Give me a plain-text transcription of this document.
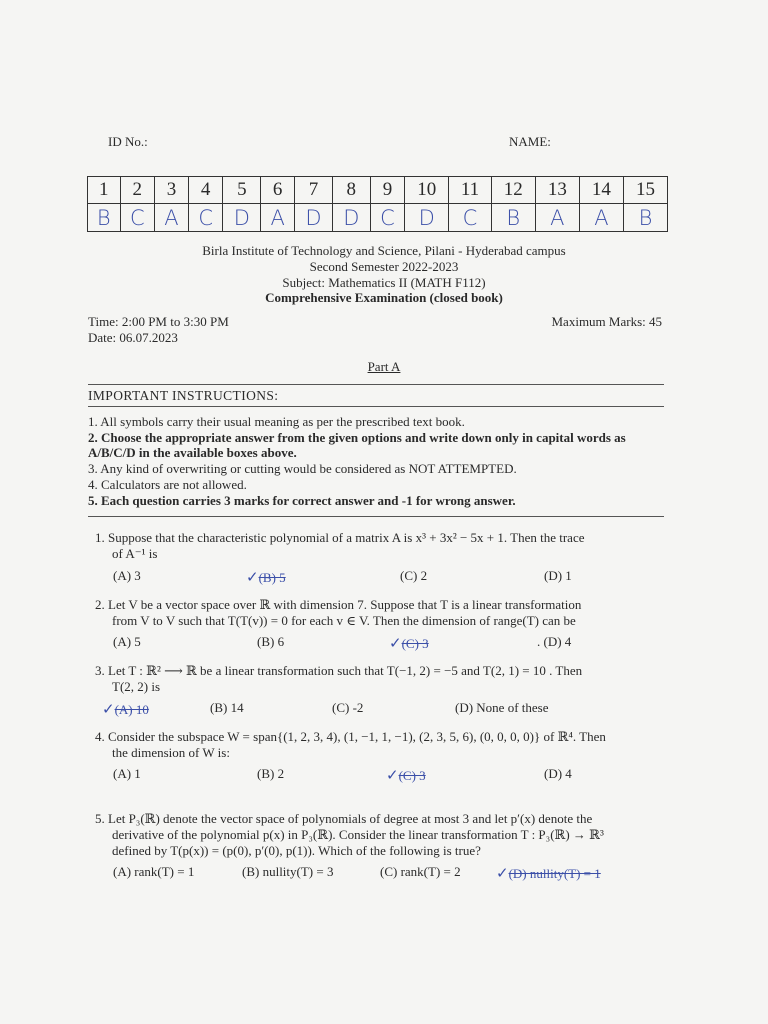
ID No.:	NAME:
1	2	3	4	5	6	7	8	9	10	11	12	13	14	15
B	C	A	C	D	A	D	D	C	D	C	B	A	A	B
Birla Institute of Technology and Science, Pilani - Hyderabad campus
Second Semester 2022-2023
Subject: Mathematics II (MATH F112)
Comprehensive Examination (closed book)
Time: 2:00 PM to 3:30 PM
Date: 06.07.2023
Maximum Marks: 45
Part A
IMPORTANT INSTRUCTIONS:
1. All symbols carry their usual meaning as per the prescribed text book.
2. Choose the appropriate answer from the given options and write down only in capital words as A/B/C/D in the available boxes above.
3. Any kind of overwriting or cutting would be considered as NOT ATTEMPTED.
4. Calculators are not allowed.
5. Each question carries 3 marks for correct answer and -1 for wrong answer.
1. Suppose that the characteristic polynomial of a matrix A is x³ + 3x² − 5x + 1. Then the trace
of A⁻¹ is
(A) 3	✓(B) 5	(C) 2	(D) 1
2. Let V be a vector space over ℝ with dimension 7. Suppose that T is a linear transformation
from V to V such that T(T(v)) = 0 for each v ∈ V. Then the dimension of range(T) can be
(A) 5	(B) 6	✓(C) 3	. (D) 4
3. Let T : ℝ² ⟶ ℝ be a linear transformation such that T(−1, 2) = −5 and T(2, 1) = 10 . Then
T(2, 2) is
✓(A) 10	(B) 14	(C) -2	(D) None of these
4. Consider the subspace W = span{(1, 2, 3, 4), (1, −1, 1, −1), (2, 3, 5, 6), (0, 0, 0, 0)} of ℝ⁴. Then
the dimension of W is:
(A) 1	(B) 2	✓(C) 3	(D) 4
5. Let P₃(ℝ) denote the vector space of polynomials of degree at most 3 and let p′(x) denote the
derivative of the polynomial p(x) in P₃(ℝ). Consider the linear transformation T : P₃(ℝ) → ℝ³
defined by T(p(x)) = (p(0), p′(0), p(1)). Which of the following is true?
(A) rank(T) = 1	(B) nullity(T) = 3	(C) rank(T) = 2 ✓(D) nullity(T) = 1
